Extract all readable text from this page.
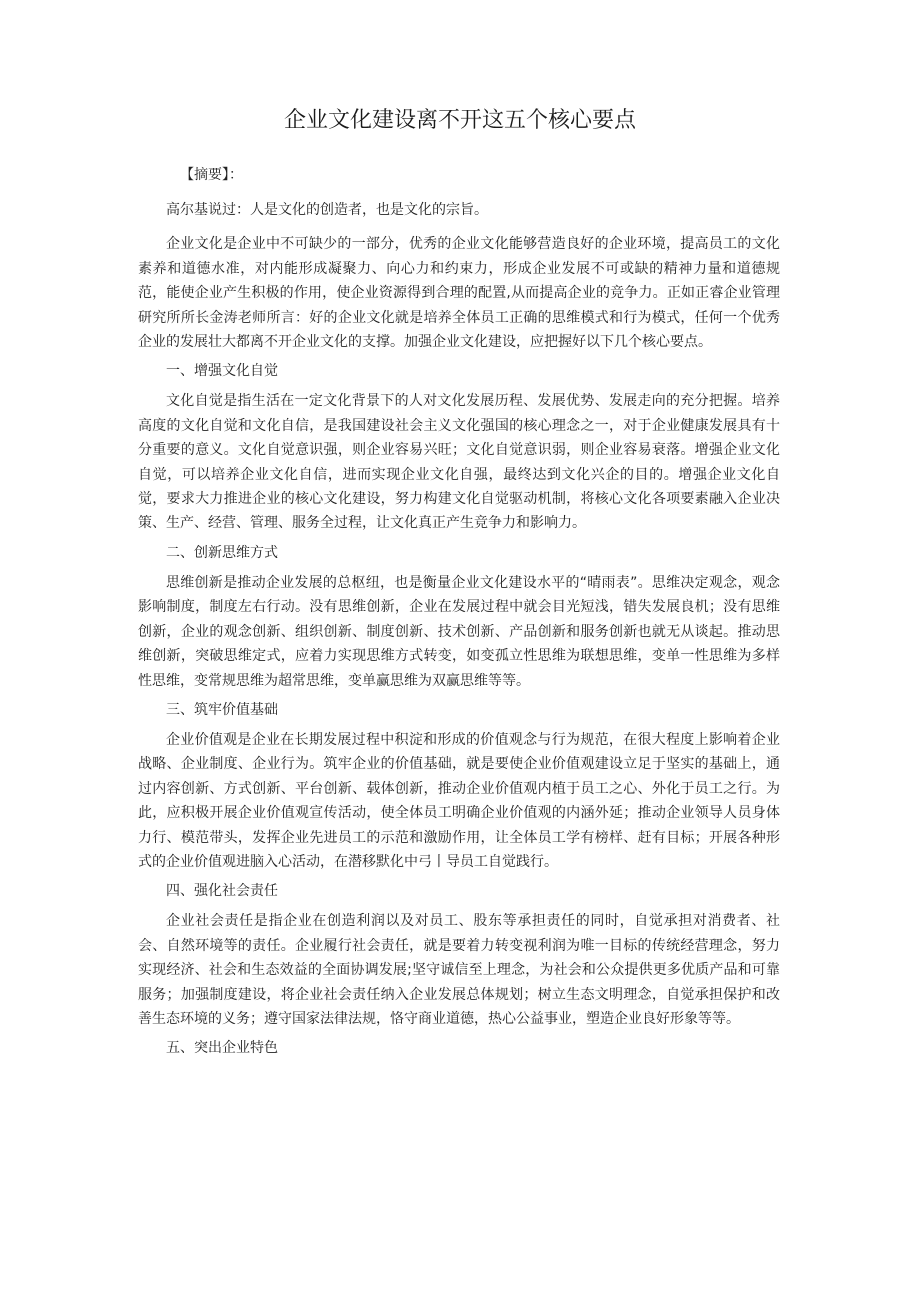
企业文化建设离不开这五个核心要点

【摘要】：

高尔基说过：人是文化的创造者，也是文化的宗旨。

企业文化是企业中不可缺少的一部分，优秀的企业文化能够营造良好的企业环境，提高员工的文化素养和道德水准，对内能形成凝聚力、向心力和约束力，形成企业发展不可或缺的精神力量和道德规范，能使企业产生积极的作用，使企业资源得到合理的配置,从而提高企业的竞争力。正如正睿企业管理研究所所长金涛老师所言：好的企业文化就是培养全体员工正确的思维模式和行为模式，任何一个优秀企业的发展壮大都离不开企业文化的支撑。加强企业文化建设，应把握好以下几个核心要点。

一、增强文化自觉

文化自觉是指生活在一定文化背景下的人对文化发展历程、发展优势、发展走向的充分把握。培养高度的文化自觉和文化自信，是我国建设社会主义文化强国的核心理念之一，对于企业健康发展具有十分重要的意义。文化自觉意识强，则企业容易兴旺；文化自觉意识弱，则企业容易衰落。增强企业文化自觉，可以培养企业文化自信，进而实现企业文化自强，最终达到文化兴企的目的。增强企业文化自觉，要求大力推进企业的核心文化建设，努力构建文化自觉驱动机制，将核心文化各项要素融入企业决策、生产、经营、管理、服务全过程，让文化真正产生竞争力和影响力。

二、创新思维方式

思维创新是推动企业发展的总枢纽，也是衡量企业文化建设水平的“晴雨表”。思维决定观念，观念影响制度，制度左右行动。没有思维创新，企业在发展过程中就会目光短浅，错失发展良机；没有思维创新，企业的观念创新、组织创新、制度创新、技术创新、产品创新和服务创新也就无从谈起。推动思维创新，突破思维定式，应着力实现思维方式转变，如变孤立性思维为联想思维，变单一性思维为多样性思维，变常规思维为超常思维，变单赢思维为双赢思维等等。

三、筑牢价值基础

企业价值观是企业在长期发展过程中积淀和形成的价值观念与行为规范，在很大程度上影响着企业战略、企业制度、企业行为。筑牢企业的价值基础，就是要使企业价值观建设立足于坚实的基础上，通过内容创新、方式创新、平台创新、载体创新，推动企业价值观内植于员工之心、外化于员工之行。为此，应积极开展企业价值观宣传活动，使全体员工明确企业价值观的内涵外延；推动企业领导人员身体力行、模范带头，发挥企业先进员工的示范和激励作用，让全体员工学有榜样、赶有目标；开展各种形式的企业价值观进脑入心活动，在潜移默化中弓丨导员工自觉践行。

四、强化社会责任

企业社会责任是指企业在创造利润以及对员工、股东等承担责任的同时，自觉承担对消费者、社会、自然环境等的责任。企业履行社会责任，就是要着力转变视利润为唯一目标的传统经营理念，努力实现经济、社会和生态效益的全面协调发展;坚守诚信至上理念，为社会和公众提供更多优质产品和可靠服务；加强制度建设，将企业社会责任纳入企业发展总体规划；树立生态文明理念，自觉承担保护和改善生态环境的义务；遵守国家法律法规，恪守商业道德，热心公益事业，塑造企业良好形象等等。

五、突出企业特色
